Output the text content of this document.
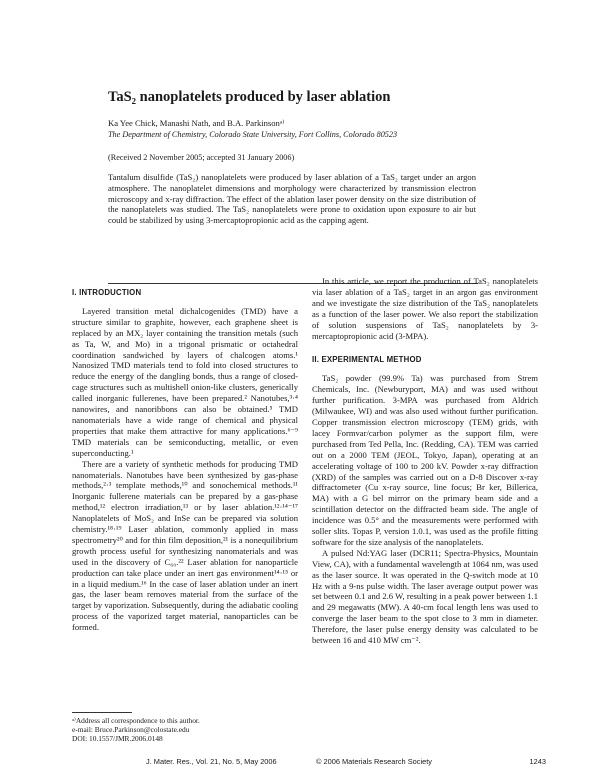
TaS₂ nanoplatelets produced by laser ablation
Ka Yee Chick, Manashi Nath, and B.A. Parkinsonᵃ⁾
The Department of Chemistry, Colorado State University, Fort Collins, Colorado 80523
(Received 2 November 2005; accepted 31 January 2006)
Tantalum disulfide (TaS₂) nanoplatelets were produced by laser ablation of a TaS₂ target under an argon atmosphere. The nanoplatelet dimensions and morphology were characterized by transmission electron microscopy and x-ray diffraction. The effect of the ablation laser power density on the size distribution of the nanoplatelets was studied. The TaS₂ nanoplatelets were prone to oxidation upon exposure to air but could be stabilized by using 3-mercaptopropionic acid as the capping agent.
I. INTRODUCTION

Layered transition metal dichalcogenides (TMD) have a structure similar to graphite, however, each graphene sheet is replaced by an MX₂ layer containing the transition metals (such as Ta, W, and Mo) in a trigonal prismatic or octahedral coordination sandwiched by layers of chalcogen atoms.¹ Nanosized TMD materials tend to fold into closed structures to reduce the energy of the dangling bonds, thus a range of closed-cage structures such as multishell onion-like clusters, generically called inorganic fullerenes, have been prepared.² Nanotubes,³·⁴ nanowires, and nanoribbons can also be obtained.⁵ TMD nanomaterials have a wide range of chemical and physical properties that make them attractive for many applications.⁶⁻⁹ TMD materials can be semiconducting, metallic, or even superconducting.¹

There are a variety of synthetic methods for producing TMD nanomaterials. Nanotubes have been synthesized by gas-phase methods,²·³ template methods,¹⁰ and sonochemical methods.¹¹ Inorganic fullerene materials can be prepared by a gas-phase method,¹² electron irradiation,¹³ or by laser ablation.¹²·¹⁴⁻¹⁷ Nanoplatelets of MoS₂ and InSe can be prepared via solution chemistry.¹⁸·¹⁹ Laser ablation, commonly applied in mass spectrometry²⁰ and for thin film deposition,²¹ is a nonequilibrium growth process useful for synthesizing nanomaterials and was used in the discovery of C₆₀.²² Laser ablation for nanoparticle production can take place under an inert gas environment¹⁴·¹⁵ or in a liquid medium.¹⁶ In the case of laser ablation under an inert gas, the laser beam removes material from the surface of the target by vaporization. Subsequently, during the adiabatic cooling process of the vaporized target material, nanoparticles can be formed.

In this article, we report the production of TaS₂ nanoplatelets via laser ablation of a TaS₂ target in an argon gas environment and we investigate the size distribution of the TaS₂ nanoplatelets as a function of the laser power. We also report the stabilization of solution suspensions of TaS₂ nanoplatelets by 3-mercaptopropionic acid (3-MPA).

II. EXPERIMENTAL METHOD

TaS₂ powder (99.9% Ta) was purchased from Strem Chemicals, Inc. (Newburyport, MA) and was used without further purification. 3-MPA was purchased from Aldrich (Milwaukee, WI) and was also used without further purification. Copper transmission electron microscopy (TEM) grids, with lacey Formvar/carbon polymer as the support film, were purchased from Ted Pella, Inc. (Redding, CA). TEM was carried out on a 2000 TEM (JEOL, Tokyo, Japan), operating at an accelerating voltage of 100 to 200 kV. Powder x-ray diffraction (XRD) of the samples was carried out on a D-8 Discover x-ray diffractometer (Cu x-ray source, line focus; Br ker, Billerica, MA) with a G bel mirror on the primary beam side and a scintillation detector on the diffracted beam side. The angle of incidence was 0.5° and the measurements were performed with soller slits. Topas P, version 1.0.1, was used as the profile fitting software for the size analysis of the nanoplatelets.

A pulsed Nd:YAG laser (DCR11; Spectra-Physics, Mountain View, CA), with a fundamental wavelength at 1064 nm, was used as the laser source. It was operated in the Q-switch mode at 10 Hz with a 9-ns pulse width. The laser average output power was set between 0.1 and 2.6 W, resulting in a peak power between 1.1 and 29 megawatts (MW). A 40-cm focal length lens was used to converge the laser beam to the spot close to 3 mm in diameter. Therefore, the laser pulse energy density was calculated to be between 16 and 410 MW cm⁻².

ᵃ⁾Address all correspondence to this author.
e-mail: Bruce.Parkinson@colostate.edu
DOI: 10.1557/JMR.2006.0148
J. Mater. Res., Vol. 21, No. 5, May 2006	© 2006 Materials Research Society	1243
